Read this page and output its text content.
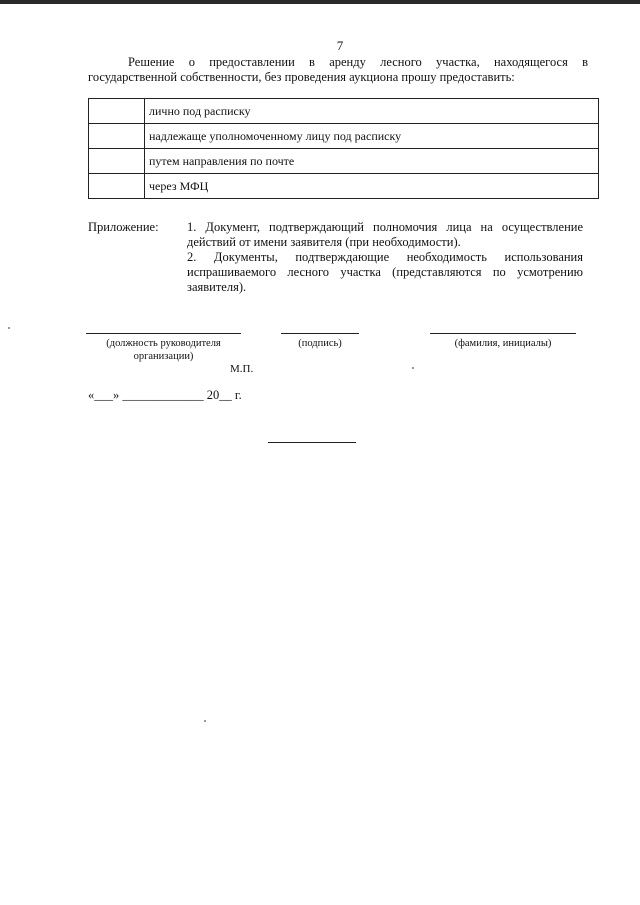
7
Решение о предоставлении в аренду лесного участка, находящегося в государственной собственности, без проведения аукциона прошу предоставить:
	лично под расписку
	надлежаще уполномоченному лицу под расписку
	путем направления по почте
	через МФЦ
Приложение: 1. Документ, подтверждающий полномочия лица на осуществление действий от имени заявителя (при необходимости).

2. Документы, подтверждающие необходимость использования испрашиваемого лесного участка (представляются по усмотрению заявителя).

(должность руководителя организации)
(подпись)	(фамилия, инициалы)
М.П.
«___» _____________ 20__ г.
